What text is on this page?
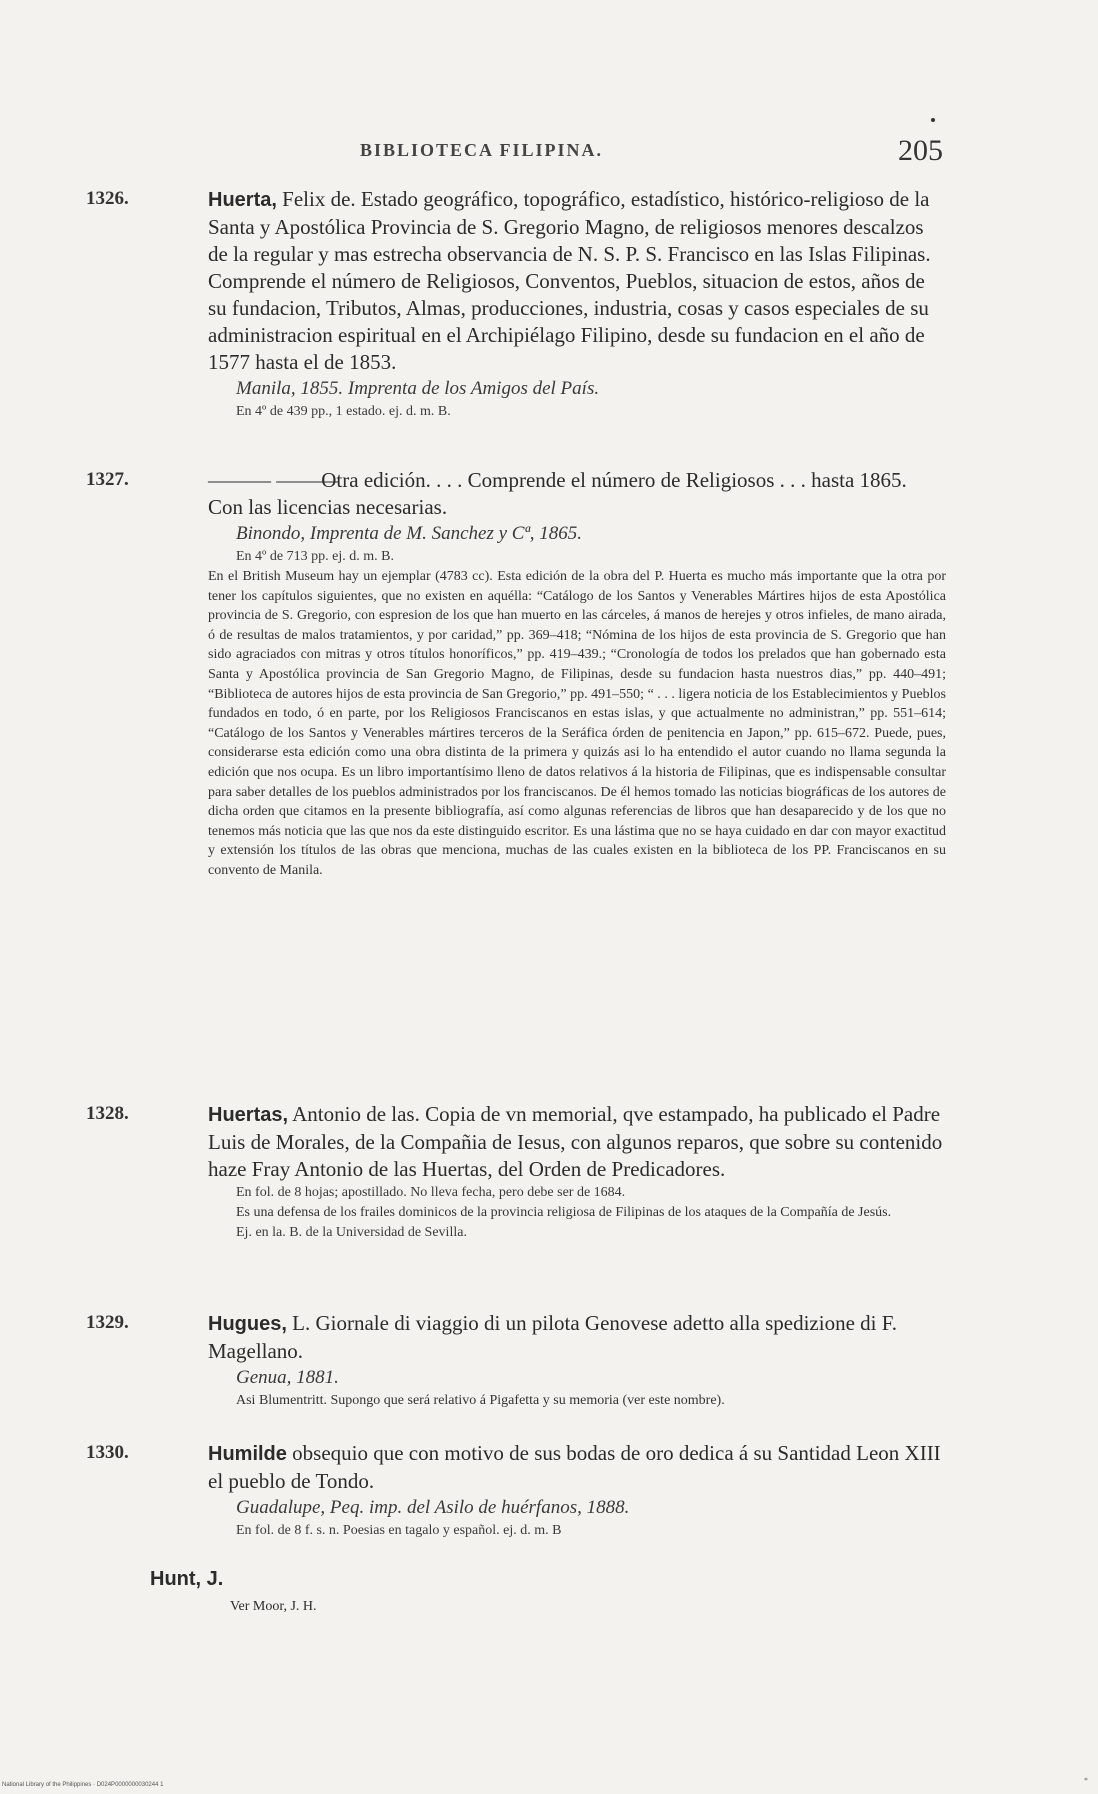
BIBLIOTECA FILIPINA.	205
1326.	Huerta, Felix de. Estado geográfico, topográfico, estadístico, histórico-religioso de la Santa y Apostólica Provincia de S. Gregorio Magno, de religiosos menores descalzos de la regular y mas estrecha observancia de N. S. P. S. Francisco en las Islas Filipinas. Comprende el número de Religiosos, Conventos, Pueblos, situacion de estos, años de su fundacion, Tributos, Almas, producciones, industria, cosas y casos especiales de su administracion espiritual en el Archipiélago Filipino, desde su fundacion en el año de 1577 hasta el de 1853.
Manila, 1855. Imprenta de los Amigos del País.
En 4º de 439 pp., 1 estado. ej. d. m. B.
1327.	——— ——— Otra edición. . . . Comprende el número de Religiosos . . . hasta 1865. Con las licencias necesarias.
Binondo, Imprenta de M. Sanchez y Cª, 1865.
En 4º de 713 pp. ej. d. m. B.
En el British Museum hay un ejemplar (4783 cc). Esta edición de la obra del P. Huerta es mucho más importante que la otra por tener los capítulos siguientes, que no existen en aquélla: “Catálogo de los Santos y Venerables Mártires hijos de esta Apostólica provincia de S. Gregorio, con espresion de los que han muerto en las cárceles, á manos de herejes y otros infieles, de mano airada, ó de resultas de malos tratamientos, y por caridad,” pp. 369–418; “Nómina de los hijos de esta provincia de S. Gregorio que han sido agraciados con mitras y otros títulos honoríficos,” pp. 419–439.; “Cronología de todos los prelados que han gobernado esta Santa y Apostólica provincia de San Gregorio Magno, de Filipinas, desde su fundacion hasta nuestros dias,” pp. 440–491; “Biblioteca de autores hijos de esta provincia de San Gregorio,” pp. 491–550; “ . . . ligera noticia de los Establecimientos y Pueblos fundados en todo, ó en parte, por los Religiosos Franciscanos en estas islas, y que actualmente no administran,” pp. 551–614; “Catálogo de los Santos y Venerables mártires terceros de la Seráfica órden de penitencia en Japon,” pp. 615–672. Puede, pues, considerarse esta edición como una obra distinta de la primera y quizás asi lo ha entendido el autor cuando no llama segunda la edición que nos ocupa. Es un libro importantísimo lleno de datos relativos á la historia de Filipinas, que es indispensable consultar para saber detalles de los pueblos administrados por los franciscanos. De él hemos tomado las noticias biográficas de los autores de dicha orden que citamos en la presente bibliografía, así como algunas referencias de libros que han desaparecido y de los que no tenemos más noticia que las que nos da este distinguido escritor. Es una lástima que no se haya cuidado en dar con mayor exactitud y extensión los títulos de las obras que menciona, muchas de las cuales existen en la biblioteca de los PP. Franciscanos en su convento de Manila.
1328.	Huertas, Antonio de las. Copia de vn memorial, qve estampado, ha publicado el Padre Luis de Morales, de la Compañia de Iesus, con algunos reparos, que sobre su contenido haze Fray Antonio de las Huertas, del Orden de Predicadores.
En fol. de 8 hojas; apostillado. No lleva fecha, pero debe ser de 1684.
Es una defensa de los frailes dominicos de la provincia religiosa de Filipinas de los ataques de la Compañía de Jesús.
Ej. en la. B. de la Universidad de Sevilla.
1329.	Hugues, L. Giornale di viaggio di un pilota Genovese adetto alla spedizione di F. Magellano.
Genua, 1881.
Asi Blumentritt. Supongo que será relativo á Pigafetta y su memoria (ver este nombre).
1330.	Humilde obsequio que con motivo de sus bodas de oro dedica á su Santidad Leon XIII el pueblo de Tondo.
Guadalupe, Peq. imp. del Asilo de huérfanos, 1888.
En fol. de 8 f. s. n. Poesias en tagalo y español. ej. d. m. B
Hunt, J.
Ver Moor, J. H.
National Library of the Philippines · D024P0000000030244 1	*
